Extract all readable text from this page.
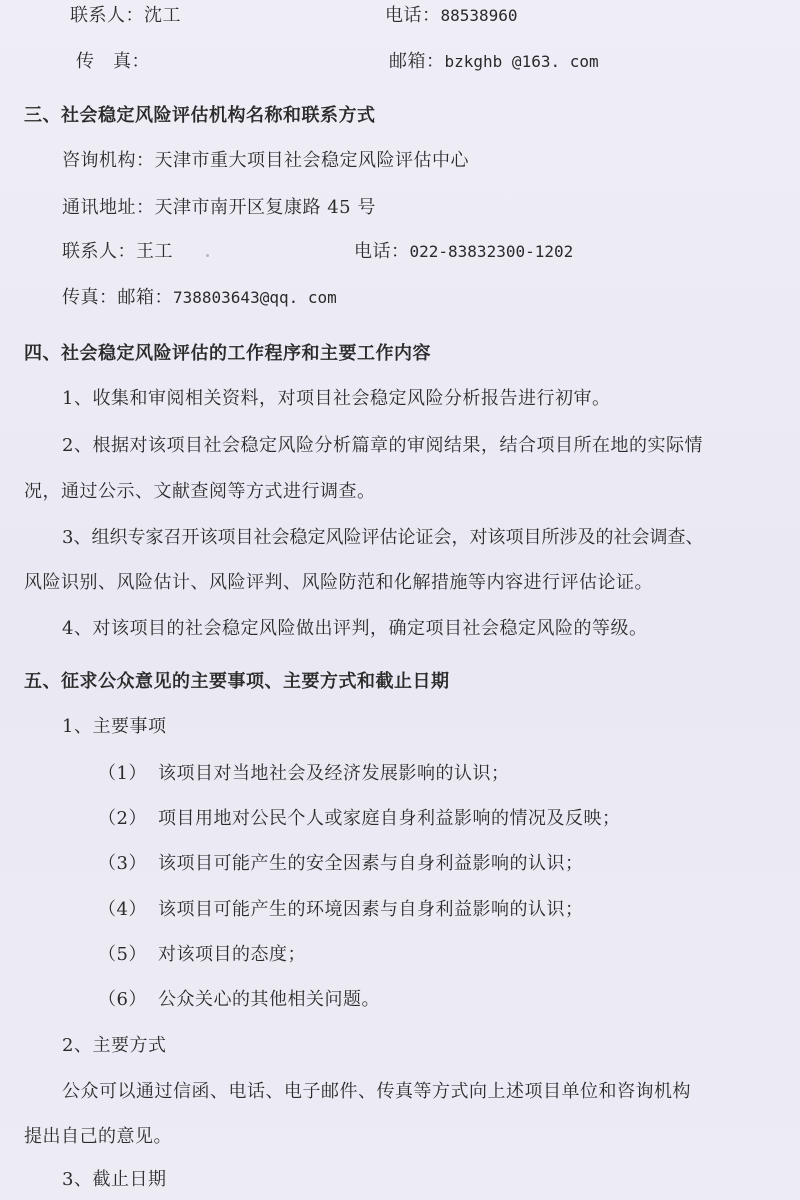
联系人：沈工	电话：88538960
传　真：	邮箱：bzkghb @163. com
三、社会稳定风险评估机构名称和联系方式
咨询机构：天津市重大项目社会稳定风险评估中心
通讯地址：天津市南开区复康路 45 号
联系人：王工	电话：022-83832300-1202
传真：邮箱：738803643@qq. com
四、社会稳定风险评估的工作程序和主要工作内容
1、收集和审阅相关资料，对项目社会稳定风险分析报告进行初审。
2、根据对该项目社会稳定风险分析篇章的审阅结果，结合项目所在地的实际情
况，通过公示、文献查阅等方式进行调查。
3、组织专家召开该项目社会稳定风险评估论证会，对该项目所涉及的社会调查、
风险识别、风险估计、风险评判、风险防范和化解措施等内容进行评估论证。
4、对该项目的社会稳定风险做出评判，确定项目社会稳定风险的等级。
五、征求公众意见的主要事项、主要方式和截止日期
1、主要事项
（1） 该项目对当地社会及经济发展影响的认识；
（2） 项目用地对公民个人或家庭自身利益影响的情况及反映；
（3） 该项目可能产生的安全因素与自身利益影响的认识；
（4） 该项目可能产生的环境因素与自身利益影响的认识；
（5） 对该项目的态度；
（6） 公众关心的其他相关问题。
2、主要方式
公众可以通过信函、电话、电子邮件、传真等方式向上述项目单位和咨询机构
提出自己的意见。
3、截止日期
